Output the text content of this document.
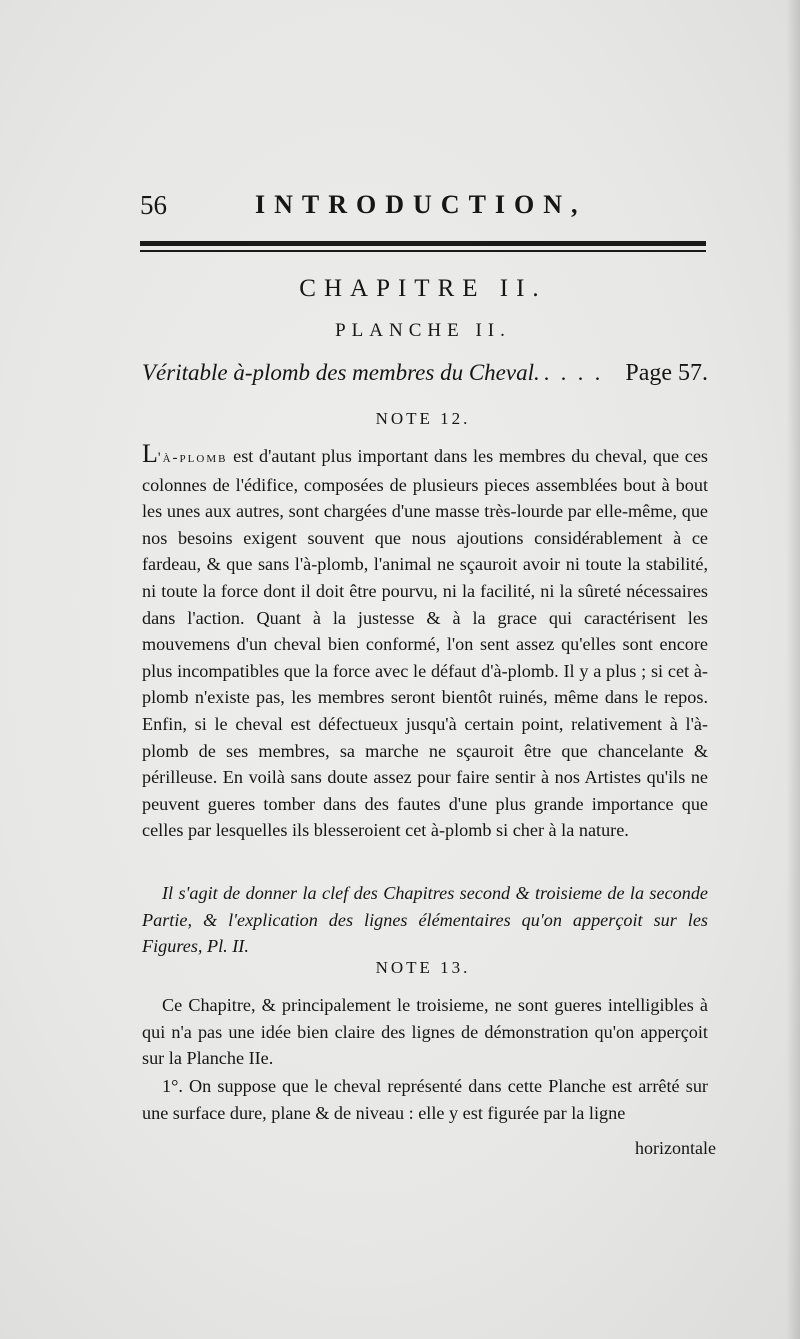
56	INTRODUCTION,
CHAPITRE II.
PLANCHE II.
Véritable à-plomb des membres du Cheval. . . . . Page 57.
NOTE 12.
L'à-plomb est d'autant plus important dans les membres du cheval, que ces colonnes de l'édifice, composées de plusieurs pieces assemblées bout à bout les unes aux autres, sont chargées d'une masse très-lourde par elle-même, que nos besoins exigent souvent que nous ajoutions considérablement à ce fardeau, & que sans l'à-plomb, l'animal ne sçauroit avoir ni toute la stabilité, ni toute la force dont il doit être pourvu, ni la facilité, ni la sûreté nécessaires dans l'action. Quant à la justesse & à la grace qui caractérisent les mouvemens d'un cheval bien conformé, l'on sent assez qu'elles sont encore plus incompatibles que la force avec le défaut d'à-plomb. Il y a plus ; si cet à-plomb n'existe pas, les membres seront bientôt ruinés, même dans le repos. Enfin, si le cheval est défectueux jusqu'à certain point, relativement à l'à-plomb de ses membres, sa marche ne sçauroit être que chancelante & périlleuse. En voilà sans doute assez pour faire sentir à nos Artistes qu'ils ne peuvent gueres tomber dans des fautes d'une plus grande importance que celles par lesquelles ils blesseroient cet à-plomb si cher à la nature.
Il s'agit de donner la clef des Chapitres second & troisieme de la seconde Partie, & l'explication des lignes élémentaires qu'on apperçoit sur les Figures, Pl. II.
NOTE 13.
Ce Chapitre, & principalement le troisieme, ne sont gueres intelligibles à qui n'a pas une idée bien claire des lignes de démonstration qu'on apperçoit sur la Planche IIe.
1°. On suppose que le cheval représenté dans cette Planche est arrêté sur une surface dure, plane & de niveau : elle y est figurée par la ligne
horizontale
